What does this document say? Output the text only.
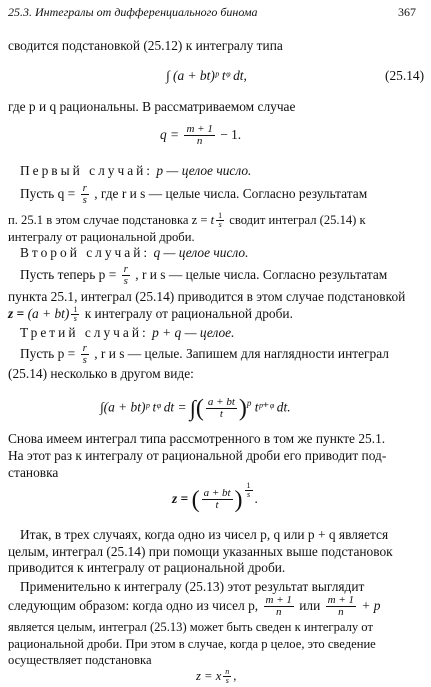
25.3. Интегралы от дифференциального бинома	367
сводится подстановкой (25.12) к интегралу типа
∫ (a + bt)ᵖ tᵠ dt,	(25.14)
где p и q рациональны. В рассматриваемом случае
$q = \frac{m + 1}{n} - 1$.
Первый случай: p — целое число.
Пусть $q = \frac{r}{s}$ , где r и s — целые числа. Согласно результатам
п. 25.1 в этом случае подстановка z = t $^{\frac{1}{s}}$ сводит интеграл (25.14) к
интегралу от рациональной дроби.
Второй случай: q — целое число.
Пусть теперь $p = \frac{r}{s}$ , r и s — целые числа. Согласно результатам
пункта 25.1, интеграл (25.14) приводится в этом случае подстановкой
z = (a + bt) $^{\frac{1}{s}}$ к интегралу от рациональной дроби.
Третий случай: p + q — целое.
Пусть $p = \frac{r}{s}$ , r и s — целые. Запишем для наглядности интеграл
(25.14) несколько в другом виде:
∫(a + bt)ᵖ tᵠ dt = ∫( $\frac{a + bt}{t} )^p$ tᵖ⁺ᵠ dt.
Снова имеем интеграл типа рассмотренного в том же пункте 25.1.
На этот раз к интегралу от рациональной дроби его приводит под-
становка
z = ( $\frac{a + bt}{t}$ ) $^{\frac{1}{s}}$ .
Итак, в трех случаях, когда одно из чисел p, q или p + q является
целым, интеграл (25.14) при помощи указанных выше подстановок
приводится к интегралу от рациональной дроби.
Применительно к интегралу (25.13) этот результат выглядит
следующим образом: когда одно из чисел p, $\frac{m + 1}{n}$ или $\frac{m + 1}{n} + p$
является целым, интеграл (25.13) может быть сведен к интегралу от
рациональной дроби. При этом в случае, когда p целое, это сведение
осуществляет подстановка
z = x $^{\frac{n}{s}}$ ,
